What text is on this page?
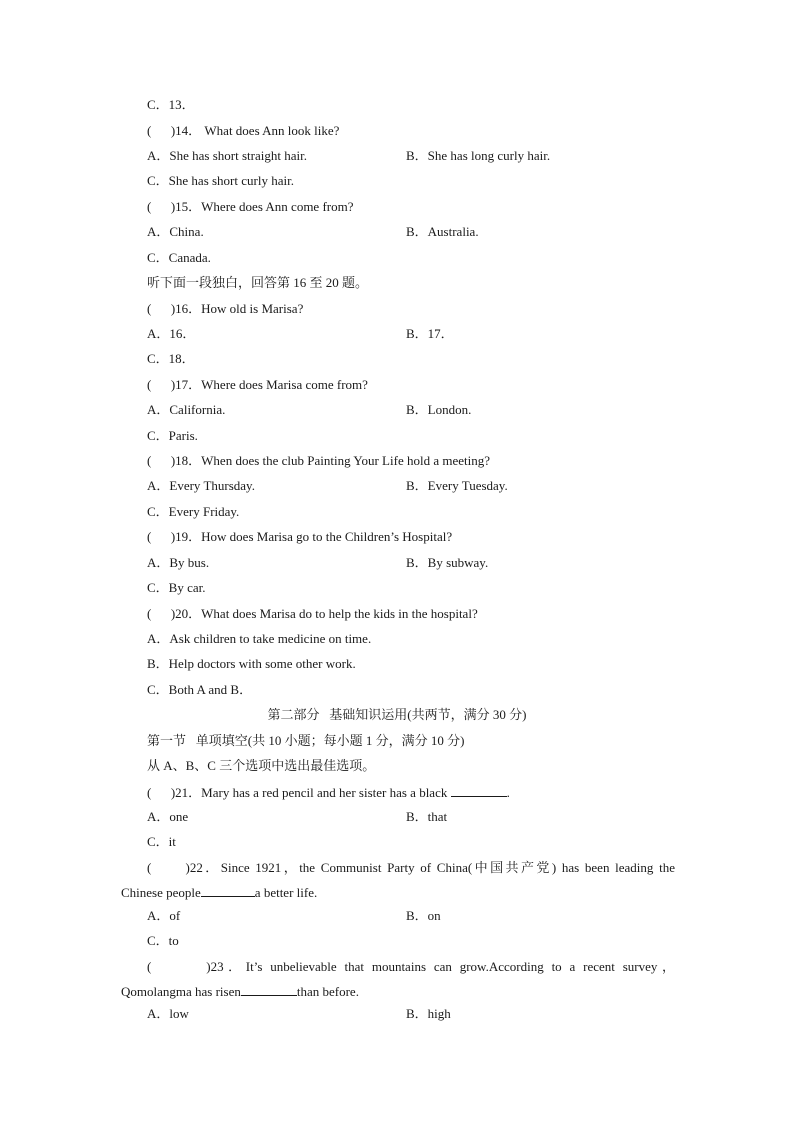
C．13．
(      )14． What does Ann look like?
A．She has short straight hair.	B．She has long curly hair.
C．She has short curly hair.
(      )15．Where does Ann come from?
A．China.	B．Australia.
C．Canada.
听下面一段独白，回答第 16 至 20 题。
(      )16．How old is Marisa?
A．16．	B．17．
C．18．
(      )17．Where does Marisa come from?
A．California.	B．London.
C．Paris.
(      )18．When does the club Painting Your Life hold a meeting?
A．Every Thursday.	B．Every Tuesday.
C．Every Friday.
(      )19．How does Marisa go to the Children’s Hospital?
A．By bus.	B．By subway.
C．By car.
(      )20．What does Marisa do to help the kids in the hospital?
A．Ask children to take medicine on time.
B．Help doctors with some other work.
C．Both A and B．
第二部分   基础知识运用(共两节，满分 30 分)
第一节   单项填空(共 10 小题；每小题 1 分，满分 10 分)
从 A、B、C 三个选项中选出最佳选项。
(      )21．Mary has a red pencil and her sister has a black	.
A．one	B．that
C．it
(      )22．Since 1921，the Communist Party of China(中国共产党) has been leading the
Chinese people	a better life.
A．of	B．on
C．to
(       )23．It’s unbelievable that mountains can grow.According to a recent survey，
Qomolangma has risen	than before.
A．low	B．high
